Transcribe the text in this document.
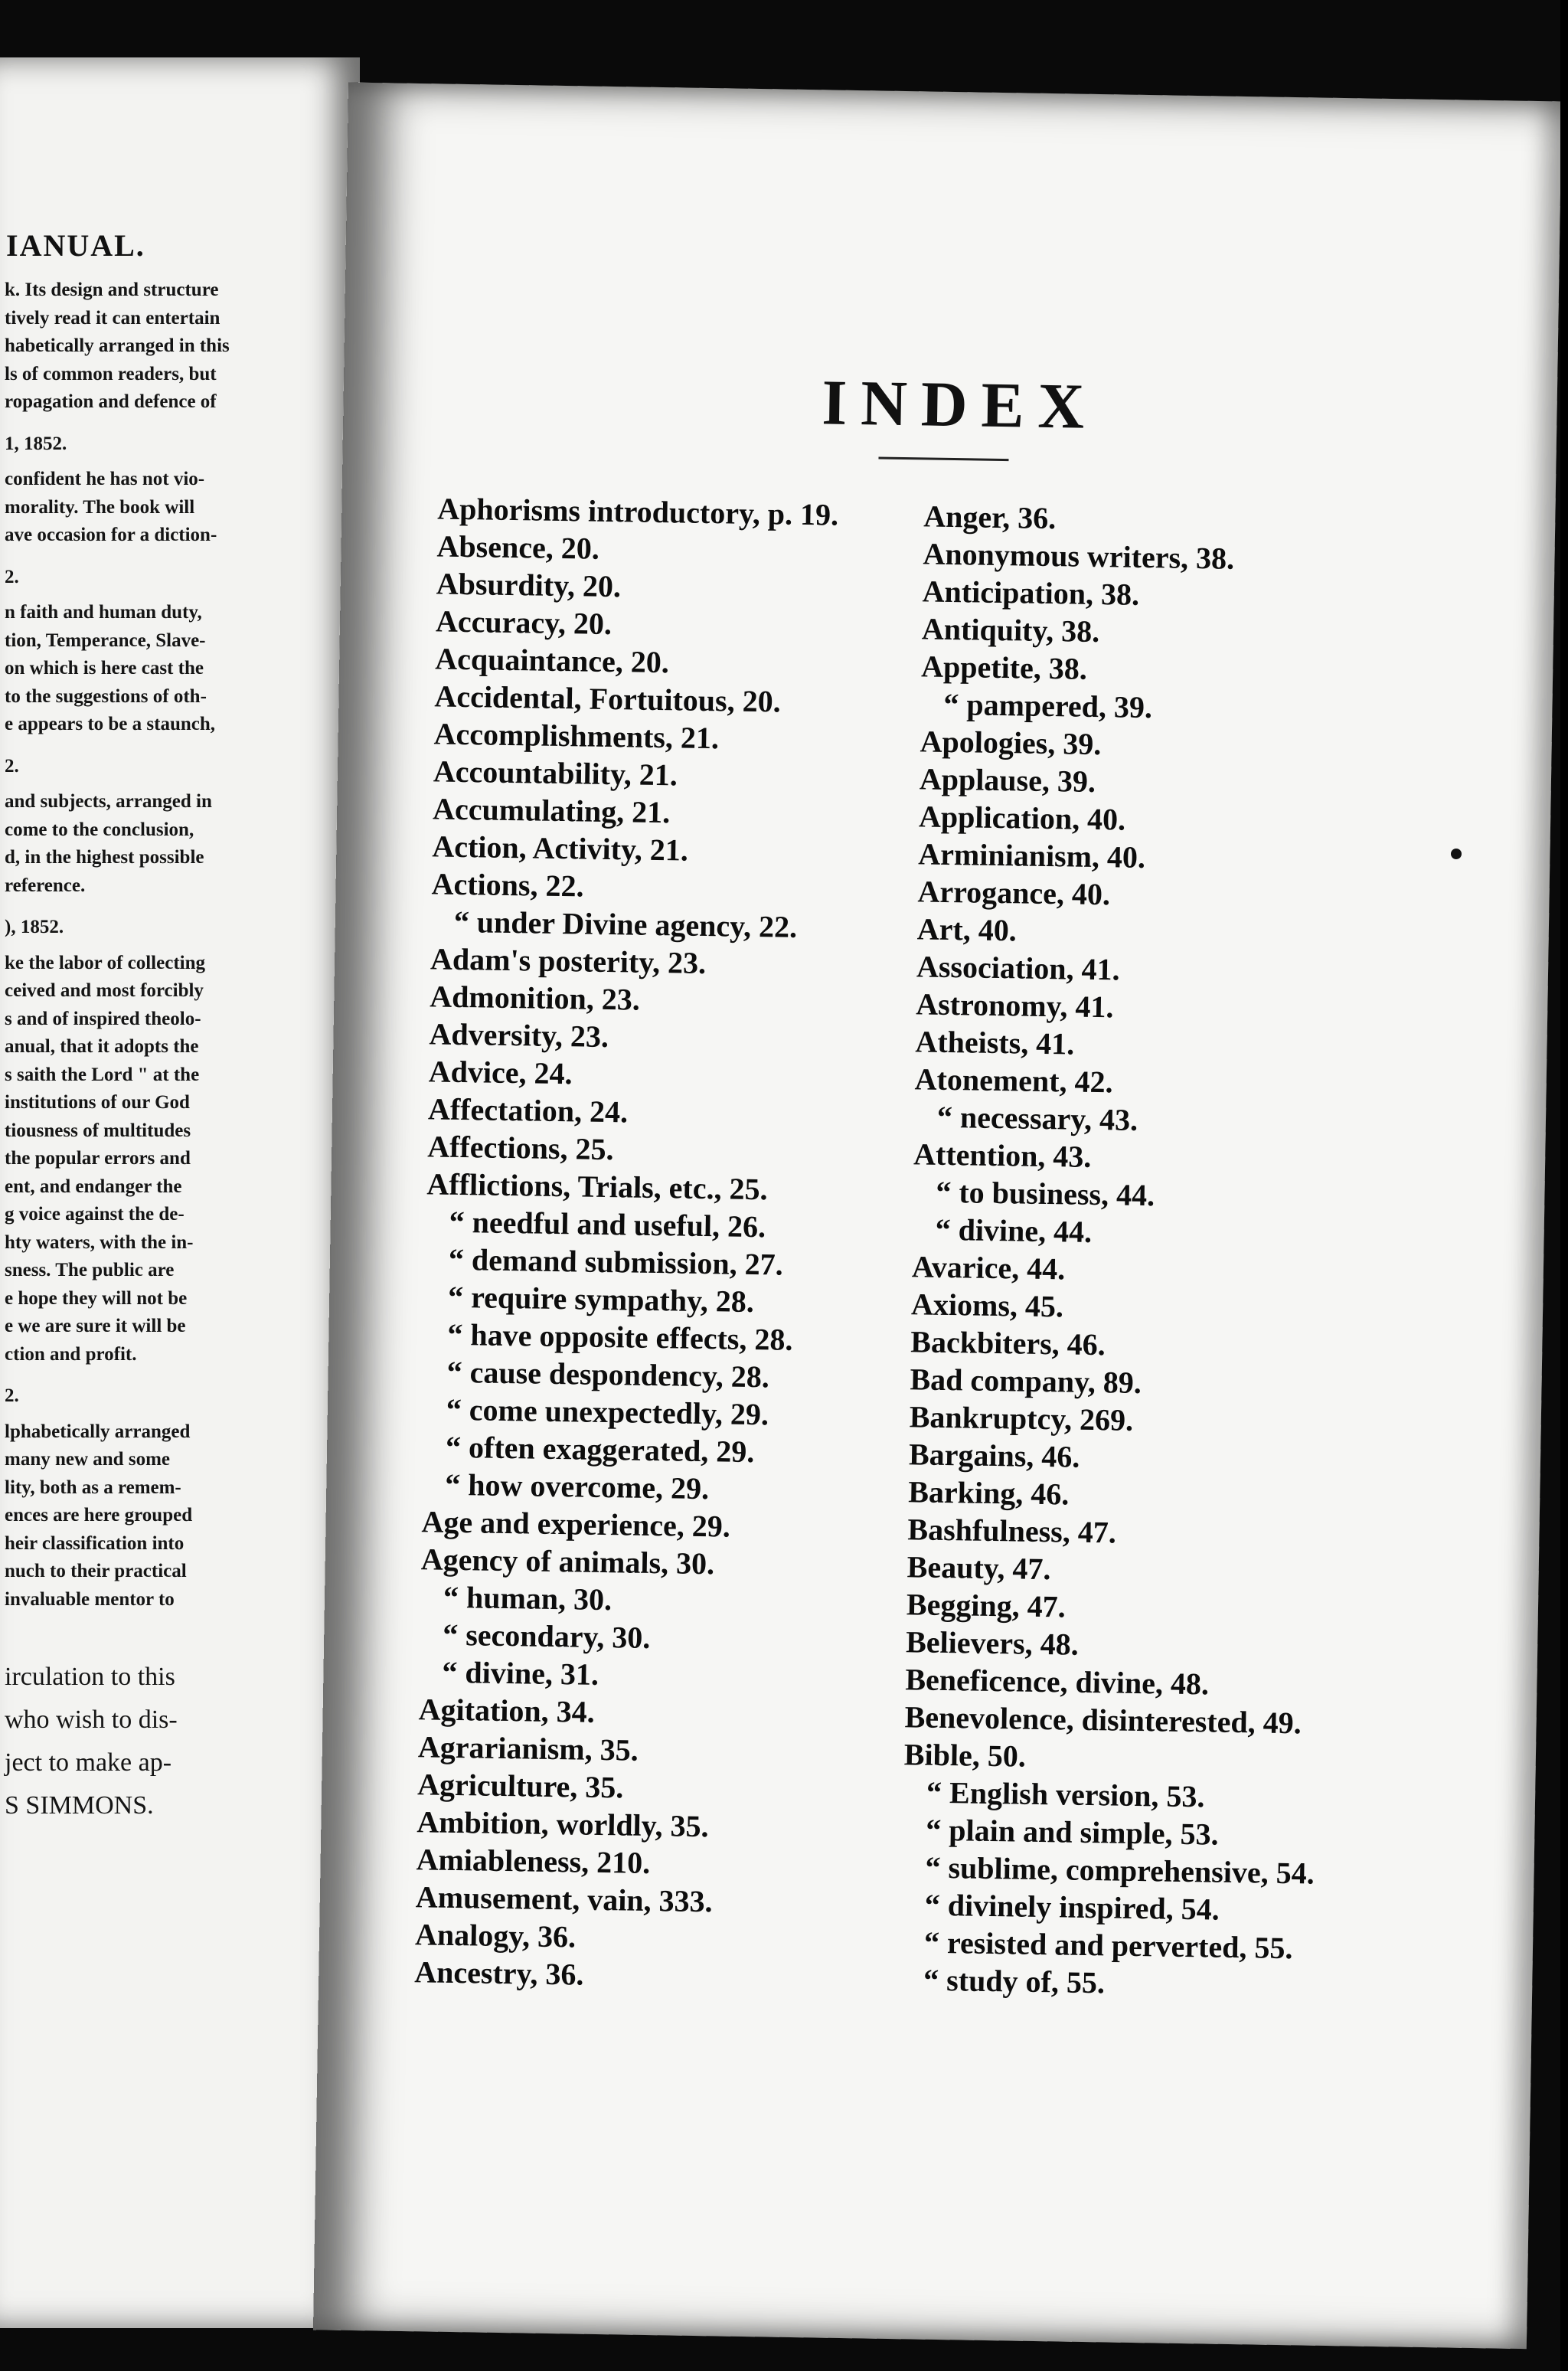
IANUAL.
k. Its design and structure
tively read it can entertain
habetically arranged in this
ls of common readers, but
ropagation and defence of
1, 1852.
confident he has not vio-
morality. The book will
ave occasion for a diction-
2.
n faith and human duty,
tion, Temperance, Slave-
on which is here cast the
to the suggestions of oth-
e appears to be a staunch,
2.
and subjects, arranged in
come to the conclusion,
d, in the highest possible
reference.
), 1852.
ke the labor of collecting
ceived and most forcibly
s and of inspired theolo-
anual, that it adopts the
s saith the Lord " at the
institutions of our God
tiousness of multitudes
the popular errors and
ent, and endanger the
g voice against the de-
hty waters, with the in-
sness. The public are
e hope they will not be
e we are sure it will be
ction and profit.
2.
lphabetically arranged
many new and some
lity, both as a remem-
ences are here grouped
heir classification into
nuch to their practical
invaluable mentor to
irculation to this
who wish to dis-
ject to make ap-
S SIMMONS.

INDEX
Aphorisms introductory, p. 19.
Absence, 20.
Absurdity, 20.
Accuracy, 20.
Acquaintance, 20.
Accidental, Fortuitous, 20.
Accomplishments, 21.
Accountability, 21.
Accumulating, 21.
Action, Activity, 21.
Actions, 22.
“ under Divine agency, 22.
Adam's posterity, 23.
Admonition, 23.
Adversity, 23.
Advice, 24.
Affectation, 24.
Affections, 25.
Afflictions, Trials, etc., 25.
“ needful and useful, 26.
“ demand submission, 27.
“ require sympathy, 28.
“ have opposite effects, 28.
“ cause despondency, 28.
“ come unexpectedly, 29.
“ often exaggerated, 29.
“ how overcome, 29.
Age and experience, 29.
Agency of animals, 30.
“ human, 30.
“ secondary, 30.
“ divine, 31.
Agitation, 34.
Agrarianism, 35.
Agriculture, 35.
Ambition, worldly, 35.
Amiableness, 210.
Amusement, vain, 333.
Analogy, 36.
Ancestry, 36.
Anger, 36.
Anonymous writers, 38.
Anticipation, 38.
Antiquity, 38.
Appetite, 38.
“ pampered, 39.
Apologies, 39.
Applause, 39.
Application, 40.
Arminianism, 40.
Arrogance, 40.
Art, 40.
Association, 41.
Astronomy, 41.
Atheists, 41.
Atonement, 42.
“ necessary, 43.
Attention, 43.
“ to business, 44.
“ divine, 44.
Avarice, 44.
Axioms, 45.
Backbiters, 46.
Bad company, 89.
Bankruptcy, 269.
Bargains, 46.
Barking, 46.
Bashfulness, 47.
Beauty, 47.
Begging, 47.
Believers, 48.
Beneficence, divine, 48.
Benevolence, disinterested, 49.
Bible, 50.
“ English version, 53.
“ plain and simple, 53.
“ sublime, comprehensive, 54.
“ divinely inspired, 54.
“ resisted and perverted, 55.
“ study of, 55.
